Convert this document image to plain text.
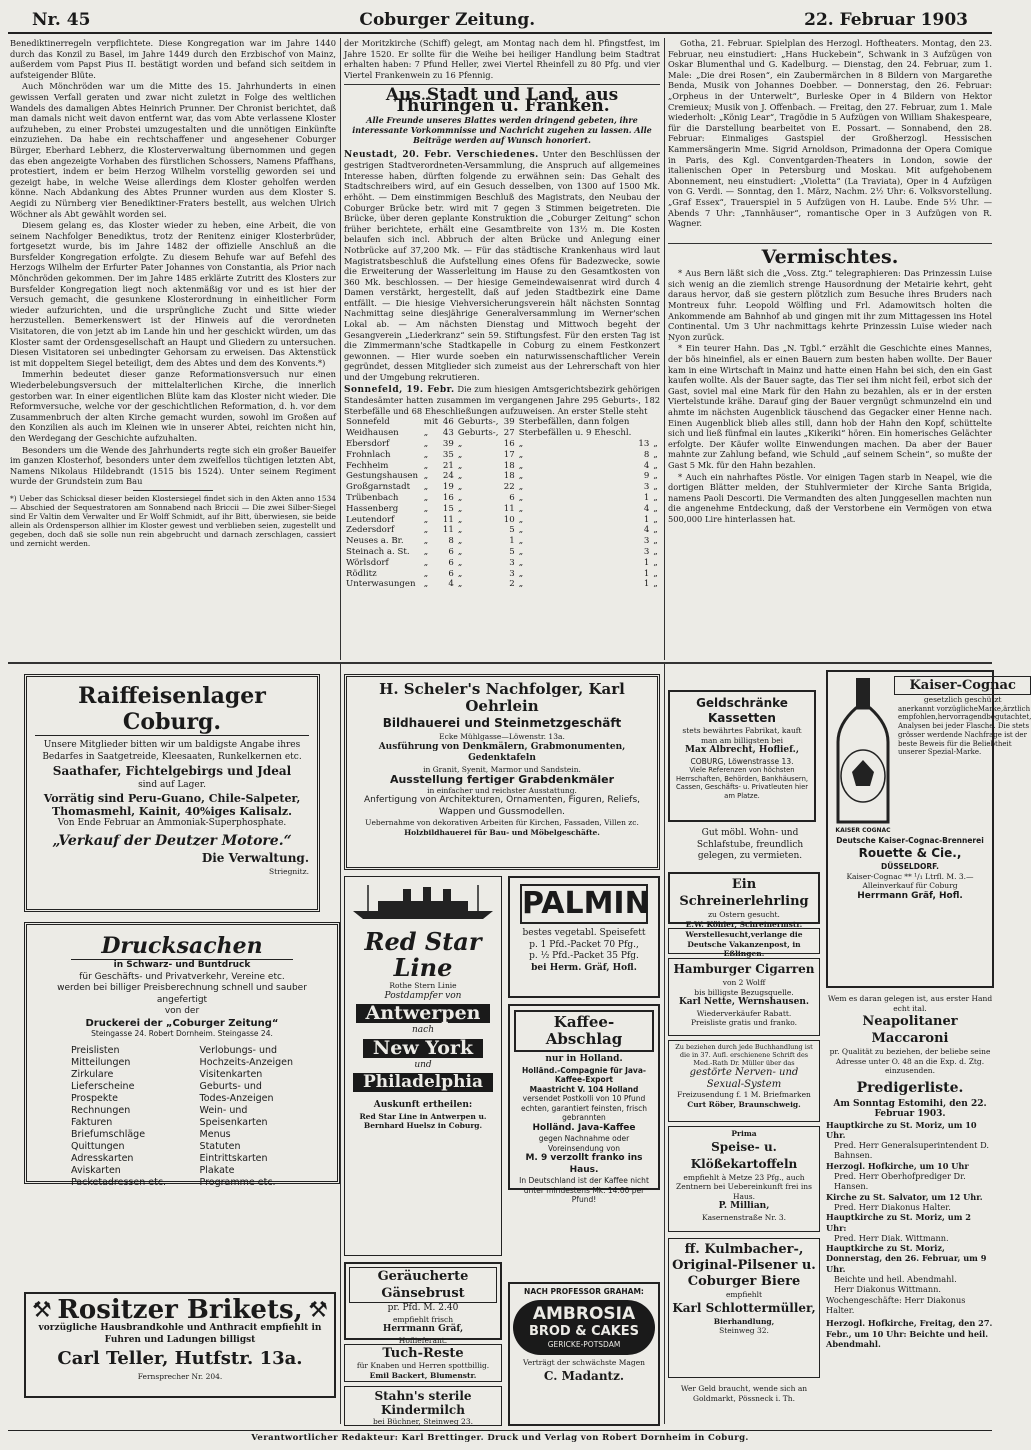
Nr. 45	Coburger Zeitung.	22. Februar 1903

Benediktinerregeln verpflichtete. Diese Kongregation war im Jahre 1440 durch das Konzil zu Basel, im Jahre 1449 durch den Erzbischof von Mainz, außerdem vom Papst Pius II. bestätigt worden und befand sich seitdem in aufsteigender Blüte.

Auch Mönchröden war um die Mitte des 15. Jahrhunderts in einen gewissen Verfall geraten und zwar nicht zuletzt in Folge des weltlichen Wandels des damaligen Abtes Heinrich Prunner. Der Chronist berichtet, daß man damals nicht weit davon entfernt war, das vom Abte verlassene Kloster aufzuheben, zu einer Probstei umzugestalten und die unnötigen Einkünfte einzuziehen. Da habe ein rechtschaffener und angesehener Coburger Bürger, Eberhard Lebherz, die Klosterverwaltung übernommen und gegen das eben angezeigte Vorhaben des fürstlichen Schossers, Namens Pfaffhans, protestiert, indem er beim Herzog Wilhelm vorstellig geworden sei und gezeigt habe, in welche Weise allerdings dem Kloster geholfen werden könne. Nach Abdankung des Abtes Prunner wurden aus dem Kloster S. Aegidi zu Nürnberg vier Benediktiner-Fraters bestellt, aus welchen Ulrich Wöchner als Abt gewählt worden sei.

Diesem gelang es, das Kloster wieder zu heben, eine Arbeit, die von seinem Nachfolger Benediktus, trotz der Renitenz einiger Klosterbrüder, fortgesetzt wurde, bis im Jahre 1482 der offizielle Anschluß an die Bursfelder Kongregation erfolgte. Zu diesem Behufe war auf Befehl des Herzogs Wilhelm der Erfurter Pater Johannes von Constantia, als Prior nach Mönchröden gekommen. Der im Jahre 1485 erklärte Zutritt des Klosters zur Bursfelder Kongregation liegt noch aktenmäßig vor und es ist hier der Versuch gemacht, die gesunkene Klosterordnung in einheitlicher Form wieder aufzurichten, und die ursprüngliche Zucht und Sitte wieder herzustellen. Bemerkenswert ist der Hinweis auf die verordneten Visitatoren, die von jetzt ab im Lande hin und her geschickt würden, um das Kloster samt der Ordensgesellschaft an Haupt und Gliedern zu untersuchen. Diesen Visitatoren sei unbedingter Gehorsam zu erweisen. Das Aktenstück ist mit doppeltem Siegel beteiligt, dem des Abtes und dem des Konvents.*)

Immerhin bedeutet dieser ganze Reformationsversuch nur einen Wiederbelebungsversuch der mittelalterlichen Kirche, die innerlich gestorben war. In einer eigentlichen Blüte kam das Kloster nicht wieder. Die Reformversuche, welche vor der geschichtlichen Reformation, d. h. vor dem Zusammenbruch der alten Kirche gemacht wurden, sowohl im Großen auf den Konzilien als auch im Kleinen wie in unserer Abtei, reichten nicht hin, den Werdegang der Geschichte aufzuhalten.

Besonders um die Wende des Jahrhunderts regte sich ein großer Baueifer im ganzen Klosterhof, besonders unter dem zweifellos tüchtigen letzten Abt, Namens Nikolaus Hildebrandt (1515 bis 1524). Unter seinem Regiment wurde der Grundstein zum Bau

*) Ueber das Schicksal dieser beiden Klostersiegel findet sich in den Akten anno 1534 — Abschied der Sequestratoren am Sonnabend nach Briccii — Die zwei Silber-Siegel sind Er Valtin dem Verwalter und Er Wolff Schmidt, auf ihr Bitt, überwiesen, sie beide allein als Ordensperson allhier im Kloster gewest und verblieben seien, zugestellt und gegeben, doch daß sie solle nun rein abgebrucht und darnach zerschlagen, cassiert und zernicht werden.

der Moritzkirche (Schiff) gelegt, am Montag nach dem hl. Pfingstfest, im Jahre 1520. Er sollte für die Weihe bei heiliger Handlung beim Stadtrat erhalten haben: 7 Pfund Heller, zwei Viertel Rheinfell zu 80 Pfg. und vier Viertel Frankenwein zu 16 Pfennig.

Aus Stadt und Land, aus Thüringen u. Franken.
Alle Freunde unseres Blattes werden dringend gebeten, ihre interessante Vorkommnisse und Nachricht zugehen zu lassen. Alle Beiträge werden auf Wunsch honoriert.

Neustadt, 20. Febr. Verschiedenes. Unter den Beschlüssen der gestrigen Stadtverordneten-Versammlung, die Anspruch auf allgemeines Interesse haben, dürften folgende zu erwähnen sein: Das Gehalt des Stadtschreibers wird, auf ein Gesuch desselben, von 1300 auf 1500 Mk. erhöht. — Dem einstimmigen Beschluß des Magistrats, den Neubau der Coburger Brücke betr. wird mit 7 gegen 3 Stimmen beigetreten. Die Brücke, über deren geplante Konstruktion die „Coburger Zeitung“ schon früher berichtete, erhält eine Gesamtbreite von 13½ m. Die Kosten belaufen sich incl. Abbruch der alten Brücke und Anlegung einer Notbrücke auf 37,200 Mk. — Für das städtische Krankenhaus wird laut Magistratsbeschluß die Aufstellung eines Ofens für Badezwecke, sowie die Erweiterung der Wasserleitung im Hause zu den Gesamtkosten von 360 Mk. beschlossen. — Der hiesige Gemeindewaisenrat wird durch 4 Damen verstärkt, hergestellt, daß auf jeden Stadtbezirk eine Dame entfällt. — Die hiesige Viehversicherungsverein hält nächsten Sonntag Nachmittag seine diesjährige Generalversammlung im Werner'schen Lokal ab. — Am nächsten Dienstag und Mittwoch begeht der Gesangverein „Liederkranz“ sein 59. Stiftungsfest. Für den ersten Tag ist die Zimmermann'sche Stadtkapelle in Coburg zu einem Festkonzert gewonnen. — Hier wurde soeben ein naturwissenschaftlicher Verein gegründet, dessen Mitglieder sich zumeist aus der Lehrerschaft von hier und der Umgebung rekrutieren.

Sonnefeld, 19. Febr. Die zum hiesigen Amtsgerichtsbezirk gehörigen Standesämter hatten zusammen im vergangenen Jahre 295 Geburts-, 182 Sterbefälle und 68 Eheschließungen aufzuweisen. An erster Stelle steht

Sonnefeld	mit	46	Geburts-,	39	Sterbefällen, dann folgen		
Weidhausen	„	43	Geburts-,	27	Sterbefällen u. 9 Eheschl.		
Ebersdorf	„	39	„	16	„	13	„
Frohnlach	„	35	„	17	„	8	„
Fechheim	„	21	„	18	„	4	„
Gestungshausen	„	24	„	18	„	9	„
Großgarnstadt	„	19	„	22	„	3	„
Trübenbach	„	16	„	6	„	1	„
Hassenberg	„	15	„	11	„	4	„
Leutendorf	„	11	„	10	„	1	„
Zedersdorf	„	11	„	5	„	4	„
Neuses a. Br.	„	8	„	1	„	3	„
Steinach a. St.	„	6	„	5	„	3	„
Wörlsdorf	„	6	„	3	„	1	„
Rödlitz	„	6	„	3	„	1	„
Unterwasungen	„	4	„	2	„	1	„

Gotha, 21. Februar. Spielplan des Herzogl. Hoftheaters. Montag, den 23. Februar, neu einstudiert: „Hans Huckebein“, Schwank in 3 Aufzügen von Oskar Blumenthal und G. Kadelburg. — Dienstag, den 24. Februar, zum 1. Male: „Die drei Rosen“, ein Zaubermärchen in 8 Bildern von Margarethe Benda, Musik von Johannes Doebber. — Donnerstag, den 26. Februar: „Orpheus in der Unterwelt“, Burleske Oper in 4 Bildern von Hektor Cremieux; Musik von J. Offenbach. — Freitag, den 27. Februar, zum 1. Male wiederholt: „König Lear“, Tragödie in 5 Aufzügen von William Shakespeare, für die Darstellung bearbeitet von E. Possart. — Sonnabend, den 28. Februar: Einmaliges Gastspiel der Großherzogl. Hessischen Kammersängerin Mme. Sigrid Arnoldson, Primadonna der Opera Comique in Paris, des Kgl. Conventgarden-Theaters in London, sowie der italienischen Oper in Petersburg und Moskau. Mit aufgehobenem Abonnement, neu einstudiert: „Violetta“ (La Traviata), Oper in 4 Aufzügen von G. Verdi. — Sonntag, den 1. März, Nachm. 2½ Uhr: 6. Volksvorstellung. „Graf Essex“, Trauerspiel in 5 Aufzügen von H. Laube. Ende 5½ Uhr. — Abends 7 Uhr: „Tannhäuser“, romantische Oper in 3 Aufzügen von R. Wagner.

Vermischtes.

* Aus Bern läßt sich die „Voss. Ztg.“ telegraphieren: Das Prinzessin Luise sich wenig an die ziemlich strenge Hausordnung der Metairie kehrt, geht daraus hervor, daß sie gestern plötzlich zum Besuche ihres Bruders nach Montreux fuhr. Leopold Wölfling und Frl. Adamowitsch holten die Ankommende am Bahnhof ab und gingen mit ihr zum Mittagessen ins Hotel Continental. Um 3 Uhr nachmittags kehrte Prinzessin Luise wieder nach Nyon zurück.

* Ein teurer Hahn. Das „N. Tgbl.“ erzählt die Geschichte eines Mannes, der bös hineinfiel, als er einen Bauern zum besten haben wollte. Der Bauer kam in eine Wirtschaft in Mainz und hatte einen Hahn bei sich, den ein Gast kaufen wollte. Als der Bauer sagte, das Tier sei ihm nicht feil, erbot sich der Gast, soviel mal eine Mark für den Hahn zu bezahlen, als er in der ersten Viertelstunde krähe. Darauf ging der Bauer vergnügt schmunzelnd ein und ahmte im nächsten Augenblick täuschend das Gegacker einer Henne nach. Einen Augenblick blieb alles still, dann hob der Hahn den Kopf, schüttelte sich und ließ fünfmal ein lautes „Kikeriki“ hören. Ein homerisches Gelächter erfolgte. Der Käufer wollte Einwendungen machen. Da aber der Bauer mahnte zur Zahlung befand, wie Schuld „auf seinem Schein“, so mußte der Gast 5 Mk. für den Hahn bezahlen.

* Auch ein nahrhaftes Pöstle. Vor einigen Tagen starb in Neapel, wie die dortigen Blätter melden, der Stuhlvermieter der Kirche Santa Brigida, namens Paoli Descorti. Die Vermandten des alten Junggesellen machten nun die angenehme Entdeckung, daß der Verstorbene ein Vermögen von etwa 500,000 Lire hinterlassen hat.

Raiffeisenlager Coburg.
Unsere Mitglieder bitten wir um baldigste Angabe ihres Bedarfes in Saatgetreide, Kleesaaten, Runkelkernen etc.
Saathafer, Fichtelgebirgs und Jdeal
sind auf Lager.
Vorrätig sind Peru-Guano, Chile-Salpeter, Thomasmehl, Kainit, 40%iges Kalisalz.
Von Ende Februar an Ammoniak-Superphosphate.
„Verkauf der Deutzer Motore.“
Die Verwaltung.
Striegnitz.
Drucksachen
in Schwarz- und Buntdruck
für Geschäfts- und Privatverkehr, Vereine etc.
werden bei billiger Preisberechnung schnell und sauber angefertigt
von der
Druckerei der „Coburger Zeitung“
Steingasse 24. Robert Dornheim. Steingasse 24.
Preislisten
Mitteilungen
Zirkulare
Lieferscheine
Prospekte
Rechnungen
Fakturen
Briefumschläge
Quittungen
Adresskarten
Aviskarten
Packetadressen etc.
Verlobungs- und
Hochzeits-Anzeigen
Visitenkarten
Geburts- und
Todes-Anzeigen
Wein- und
Speisenkarten
Menus
Statuten
Eintrittskarten
Plakate
Programme etc.
⚒ Rositzer Brikets, ⚒
vorzügliche Hausbrandkohle und Anthracit empfiehlt in Fuhren und Ladungen billigst
Carl Teller, Hutfstr. 13a.
Fernsprecher Nr. 204.
H. Scheler's Nachfolger, Karl Oehrlein
Bildhauerei und Steinmetzgeschäft
Ecke Mühlgasse—Löwenstr. 13a.
Ausführung von Denkmälern, Grabmonumenten, Gedenktafeln
in Granit, Syenit, Marmor und Sandstein.
Ausstellung fertiger Grabdenkmäler
in einfacher und reichster Ausstattung.
Anfertigung von Architekturen, Ornamenten, Figuren, Reliefs, Wappen und Gussmodellen.
Uebernahme von dekorativen Arbeiten für Kirchen, Fassaden, Villen zc.
Holzbildhauerei für Bau- und Möbelgeschäfte.
Red Star Line
Rothe Stern Linie
Postdampfer von
Antwerpen
nach
New York
und
Philadelphia
Auskunft ertheilen:
Red Star Line in Antwerpen u. Bernhard Huelsz in Coburg.
PALMIN
bestes vegetabl. Speisefett
p. 1 Pfd.-Packet 70 Pfg.,
p. ½ Pfd.-Packet 35 Pfg.
bei Herm. Gräf, Hofl.
Kaffee-Abschlag
nur in Holland.
Holländ.-Compagnie für Java-Kaffee-Export
Maastricht V. 104 Holland
versendet Postkolli von 10 Pfund echten, garantiert feinsten, frisch gebrannten
Holländ. Java-Kaffee
gegen Nachnahme oder Voreinsendung von
M. 9 verzollt franko ins Haus.
In Deutschland ist der Kaffee nicht unter mindestens Mk. 14.00 per Pfund!
Geräucherte Gänsebrust
pr. Pfd. M. 2.40
empfiehlt frisch
Herrmann Gräf,
Hoflieferant.
Tuch-Reste
für Knaben und Herren spottbillig.
Emil Backert, Blumenstr.
Stahn's sterile Kindermilch
bei Büchner, Steinweg 23.
NACH PROFESSOR GRAHAM:
AMBROSIA
BROD & CAKES
GERICKE-POTSDAM
Verträgt der schwächste Magen
C. Madantz.
Geldschränke Kassetten
stets bewährtes Fabrikat, kauft man am billigsten bei
Max Albrecht, Hoflief.,
COBURG, Löwenstrasse 13.
Viele Referenzen von höchsten Herrschaften, Behörden, Bankhäusern, Cassen, Geschäfts- u. Privatleuten hier am Platze.
Gut möbl. Wohn- und Schlafstube, freundlich gelegen, zu vermieten.
Ein Schreinerlehrling
zu Ostern gesucht.
E.W. Köhler, Schreinermstr.
Werstellesucht,verlange die Deutsche Vakanzenpost, in Eßlingen.
Hamburger Cigarren
von 2 Wolff
bis billigste Bezugsquelle.
Karl Nette, Wernshausen.
Wiederverkäufer Rabatt.
Preisliste gratis und franko.
Zu beziehen durch jede Buchhandlung ist die in 37. Aufl. erschienene Schrift des Med.-Rath Dr. Müller über das
gestörte Nerven- und Sexual-System
Freizusendung f. 1 M. Briefmarken
Curt Röber, Braunschweig.
Prima
Speise- u. Klößekartoffeln
empfiehlt à Metze 23 Pfg., auch Zentnern bei Uebereinkunft frei ins Haus.
P. Millian,
Kasernenstraße Nr. 3.
ff. Kulmbacher-, Original-Pilsener u. Coburger Biere
empfiehlt
Karl Schlottermüller,
Bierhandlung,
Steinweg 32.
Wer Geld braucht, wende sich an Goldmarkt, Pössneck i. Th.
Kaiser-Cognac
gesetzlich geschützt
anerkannt vorzüglicheMarke,ärztlich empfohlen,hervorragendbegutachtet, Analysen bei jeder Flasche. Die stets grösser werdende Nachfrage ist der beste Beweis für die Beliebtheit unserer Spezial-Marke.
KAISER COGNAC
Deutsche Kaiser-Cognac-Brennerei
Rouette & Cie.,
DÜSSELDORF.
Kaiser-Cognac ** ¹/₁ Ltrfl. M. 3.—
Alleinverkauf für Coburg
Herrmann Gräf, Hofl.
Wem es daran gelegen ist, aus erster Hand echt ital.
Neapolitaner Maccaroni
pr. Qualität zu beziehen, der beliebe seine Adresse unter O. 48 an die Exp. d. Ztg. einzusenden.
Predigerliste.
Am Sonntag Estomihi, den 22. Februar 1903.
Hauptkirche zu St. Moriz, um 10 Uhr.
Pred. Herr Generalsuperintendent D. Bahnsen.
Herzogl. Hofkirche, um 10 Uhr
Pred. Herr Oberhofprediger Dr. Hansen.
Kirche zu St. Salvator, um 12 Uhr.
Pred. Herr Diakonus Halter.
Hauptkirche zu St. Moriz, um 2 Uhr:
Pred. Herr Diak. Wittmann.
Hauptkirche zu St. Moriz, Donnerstag, den 26. Februar, um 9 Uhr.
Beichte und heil. Abendmahl.
Herr Diakonus Wittmann.
Wochengeschäfte: Herr Diakonus Halter.
Herzogl. Hofkirche, Freitag, den 27. Febr., um 10 Uhr: Beichte und heil. Abendmahl.
Verantwortlicher Redakteur: Karl Brettinger. Druck und Verlag von Robert Dornheim in Coburg.
